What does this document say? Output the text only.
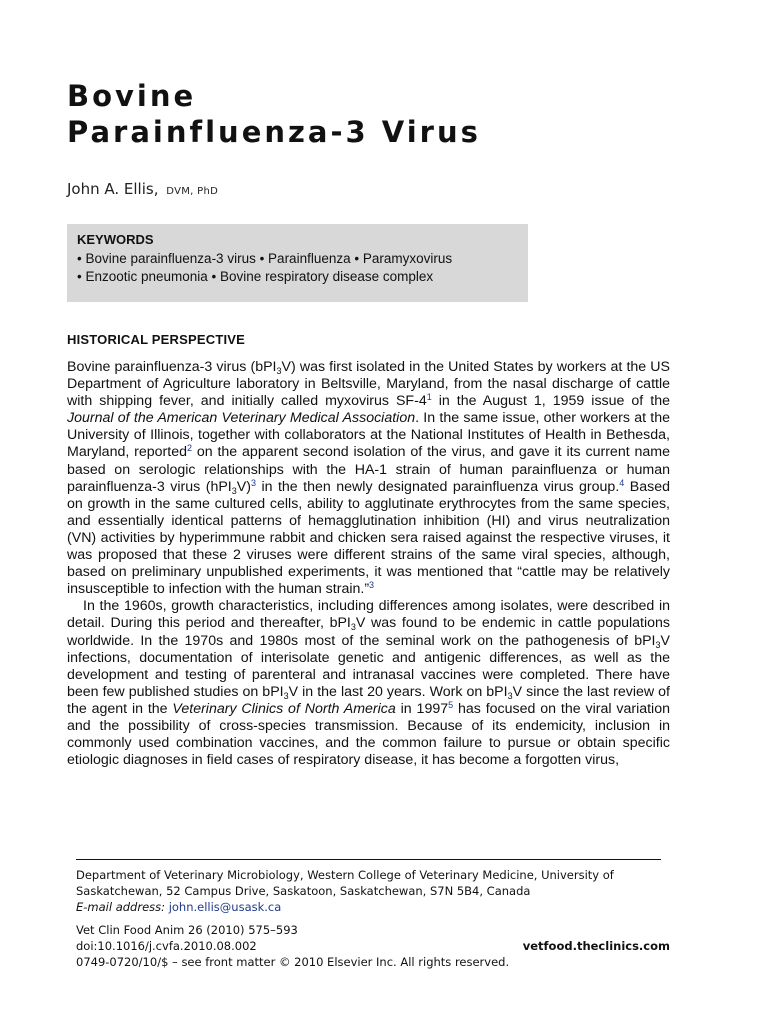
Bovine
Parainfluenza-3 Virus
John A. Ellis, DVM, PhD
KEYWORDS
• Bovine parainfluenza-3 virus • Parainfluenza • Paramyxovirus
• Enzootic pneumonia • Bovine respiratory disease complex
HISTORICAL PERSPECTIVE

Bovine parainfluenza-3 virus (bPI$_3$V) was first isolated in the United States by workers at the US Department of Agriculture laboratory in Beltsville, Maryland, from the nasal discharge of cattle with shipping fever, and initially called myxovirus $SF-4^1$ in the August 1, 1959 issue of the Journal of the American Veterinary Medical Association. In the same issue, other workers at the University of Illinois, together with collaborators at the National Institutes of Health in Bethesda, Maryland, reported$^2$ on the apparent second isolation of the virus, and gave it its current name based on serologic relationships with the HA-1 strain of human parainfluenza or human parainfluenza-3 virus $(hPI_3V)^3$ in the then newly designated parainfluenza virus group.$^4$ Based on growth in the same cultured cells, ability to agglutinate erythrocytes from the same species, and essentially identical patterns of hemagglutination inhibition (HI) and virus neutralization (VN) activities by hyperimmune rabbit and chicken sera raised against the respective viruses, it was proposed that these 2 viruses were different strains of the same viral species, although, based on preliminary unpublished experiments, it was mentioned that “cattle may be relatively insusceptible to infection with the human strain.”$^3$

In the 1960s, growth characteristics, including differences among isolates, were described in detail. During this period and thereafter, bPI$_3$V was found to be endemic in cattle populations worldwide. In the 1970s and 1980s most of the seminal work on the pathogenesis of bPI$_3$V infections, documentation of interisolate genetic and antigenic differences, as well as the development and testing of parenteral and intranasal vaccines were completed. There have been few published studies on bPI$_3$V in the last 20 years. Work on bPI$_3$V since the last review of the agent in the Veterinary Clinics of North America in 1997$^5$ has focused on the viral variation and the possibility of cross-species transmission. Because of its endemicity, inclusion in commonly used combination vaccines, and the common failure to pursue or obtain specific etiologic diagnoses in field cases of respiratory disease, it has become a forgotten virus,

Department of Veterinary Microbiology, Western College of Veterinary Medicine, University of
Saskatchewan, 52 Campus Drive, Saskatoon, Saskatchewan, S7N 5B4, Canada
E-mail address: john.ellis@usask.ca
Vet Clin Food Anim 26 (2010) 575–593
doi:10.1016/j.cvfa.2010.08.002	vetfood.theclinics.com
0749-0720/10/$ – see front matter © 2010 Elsevier Inc. All rights reserved.
